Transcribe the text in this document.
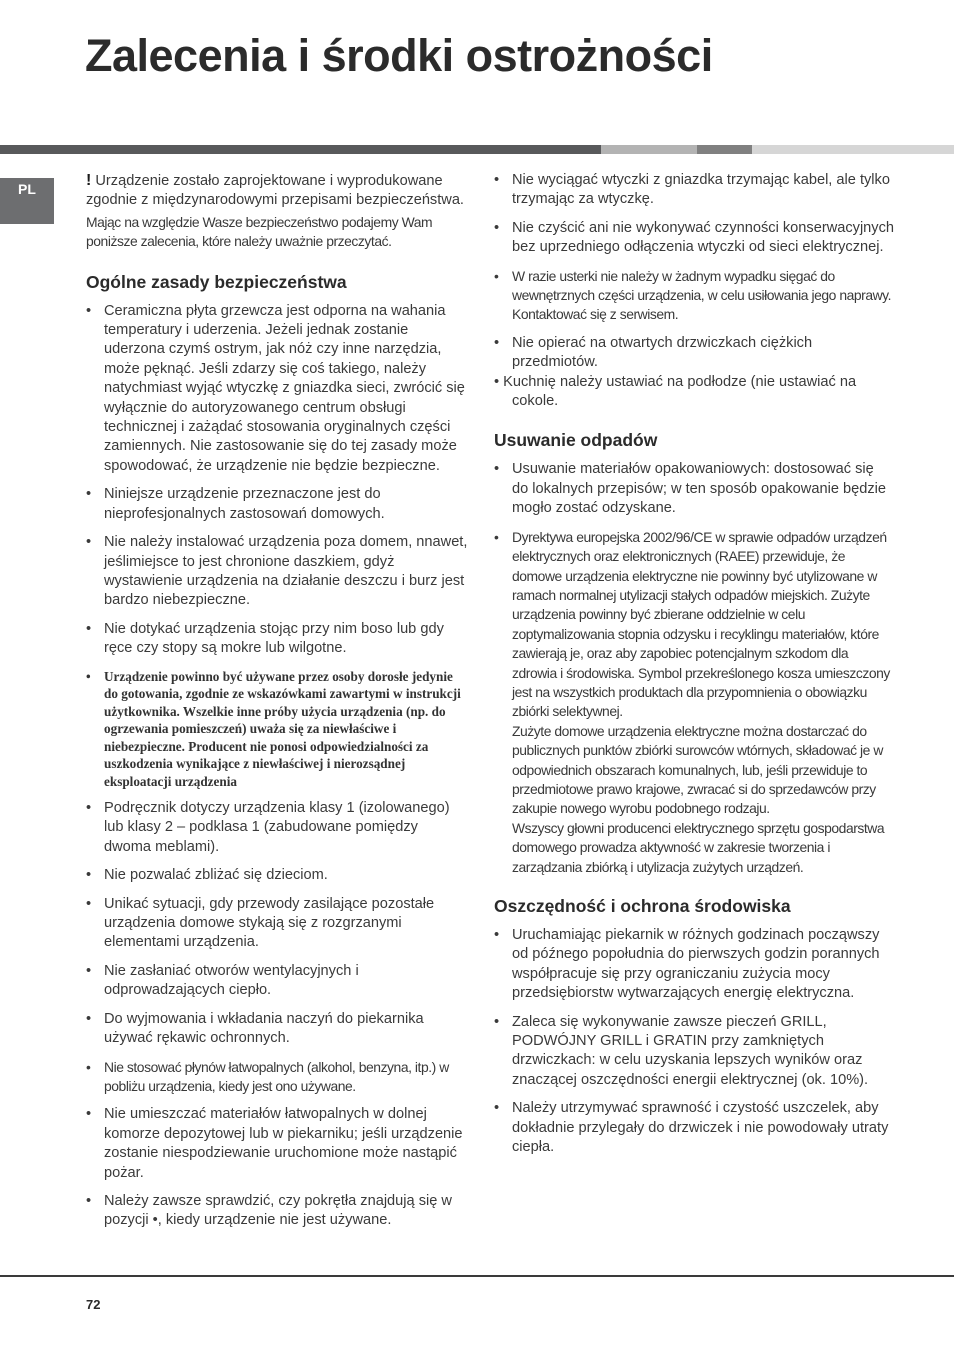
Zalecenia i środki ostrożności
PL	! Urządzenie zostało zaprojektowane i wyprodukowane zgodnie z międzynarodowymi przepisami bezpieczeństwa.
Mając na względzie Wasze bezpieczeństwo podajemy Wam poniższe zalecenia, które należy uważnie przeczytać.

Ogólne zasady bezpieczeństwa
• Ceramiczna płyta grzewcza jest odporna na wahania temperatury i uderzenia. Jeżeli jednak zostanie uderzona czymś ostrym, jak nóż czy inne narzędzia, może pęknąć. Jeśli zdarzy się coś takiego, należy natychmiast wyjąć wtyczkę z gniazdka sieci, zwrócić się wyłącznie do autoryzowanego centrum obsługi technicznej i zażądać stosowania oryginalnych części zamiennych. Nie zastosowanie się do tej zasady może spowodować, że urządzenie nie będzie bezpieczne.
• Niniejsze urządzenie przeznaczone jest do nieprofesjonalnych zastosowań domowych.
• Nie należy instalować urządzenia poza domem, nnawet, jeślimiejsce to jest chronione daszkiem, gdyż wystawienie urządzenia na działanie deszczu i burz jest bardzo niebezpieczne.
• Nie dotykać urządzenia stojąc przy nim boso lub gdy ręce czy stopy są mokre lub wilgotne.
• Urządzenie powinno być używane przez osoby dorosłe jedynie do gotowania, zgodnie ze wskazówkami zawartymi w instrukcji użytkownika. Wszelkie inne próby użycia urządzenia (np. do ogrzewania pomieszczeń) uważa się za niewłaściwe i niebezpieczne. Producent nie ponosi odpowiedzialności za uszkodzenia wynikające z niewłaściwej i nierozsądnej eksploatacji urządzenia
• Podręcznik dotyczy urządzenia klasy 1 (izolowanego) lub klasy 2 – podklasa 1 (zabudowane pomiędzy dwoma meblami).
• Nie pozwalać zbliżać się dzieciom.
• Unikać sytuacji, gdy przewody zasilające pozostałe urządzenia domowe stykają się z rozgrzanymi elementami urządzenia.
• Nie zasłaniać otworów wentylacyjnych i odprowadzających ciepło.
• Do wyjmowania i wkładania naczyń do piekarnika używać rękawic ochronnych.
• Nie stosować płynów łatwopalnych (alkohol, benzyna, itp.) w pobliżu urządzenia, kiedy jest ono używane.
• Nie umieszczać materiałów łatwopalnych w dolnej komorze depozytowej lub w piekarniku; jeśli urządzenie zostanie niespodziewanie uruchomione może nastąpić pożar.
• Należy zawsze sprawdzić, czy pokrętła znajdują się w pozycji •, kiedy urządzenie nie jest używane.
• Nie wyciągać wtyczki z gniazdka trzymając kabel, ale tylko trzymając za wtyczkę.
• Nie czyścić ani nie wykonywać czynności konserwacyjnych bez uprzedniego odłączenia wtyczki od sieci elektrycznej.
• W razie usterki nie należy w żadnym wypadku sięgać do wewnętrznych części urządzenia, w celu usiłowania jego naprawy. Kontaktować się z serwisem.
• Nie opierać na otwartych drzwiczkach ciężkich przedmiotów.
• Kuchnię należy ustawiać na podłodze (nie ustawiać na cokole.
Usuwanie odpadów
• Usuwanie materiałów opakowaniowych: dostosować się do lokalnych przepisów; w ten sposób opakowanie będzie mogło zostać odzyskane.
• Dyrektywa europejska 2002/96/CE w sprawie odpadów urządzeń elektrycznych oraz elektronicznych (RAEE) przewiduje, że domowe urządzenia elektryczne nie powinny być utylizowane w ramach normalnej utylizacji stałych odpadów miejskich. Zużyte urządzenia powinny być zbierane oddzielnie w celu zoptymalizowania stopnia odzysku i recyklingu materiałów, które zawierają je, oraz aby zapobiec potencjalnym szkodom dla zdrowia i środowiska. Symbol przekreślonego kosza umieszczony jest na wszystkich produktach dla przypomnienia o obowiązku zbiórki selektywnej.
Zużyte domowe urządzenia elektryczne można dostarczać do publicznych punktów zbiórki surowców wtórnych, składować je w odpowiednich obszarach komunalnych, lub, jeśli przewiduje to przedmiotowe prawo krajowe, zwracać si do sprzedawców przy zakupie nowego wyrobu podobnego rodzaju.
Wszyscy głowni producenci elektrycznego sprzętu gospodarstwa domowego prowadza aktywność w zakresie tworzenia i zarządzania zbiórką i utylizacja zużytych urządzeń.
Oszczędność i ochrona środowiska
• Uruchamiając piekarnik w różnych godzinach począwszy od późnego popołudnia do pierwszych godzin porannych współpracuje się przy ograniczaniu zużycia mocy przedsiębiorstw wytwarzających energię elektryczna.
• Zaleca się wykonywanie zawsze pieczeń GRILL, PODWÓJNY GRILL i GRATIN przy zamkniętych drzwiczkach: w celu uzyskania lepszych wyników oraz znaczącej oszczędności energii elektrycznej (ok. 10%).
• Należy utrzymywać sprawność i czystość uszczelek, aby dokładnie przylegały do drzwiczek i nie powodowały utraty ciepła.
72
